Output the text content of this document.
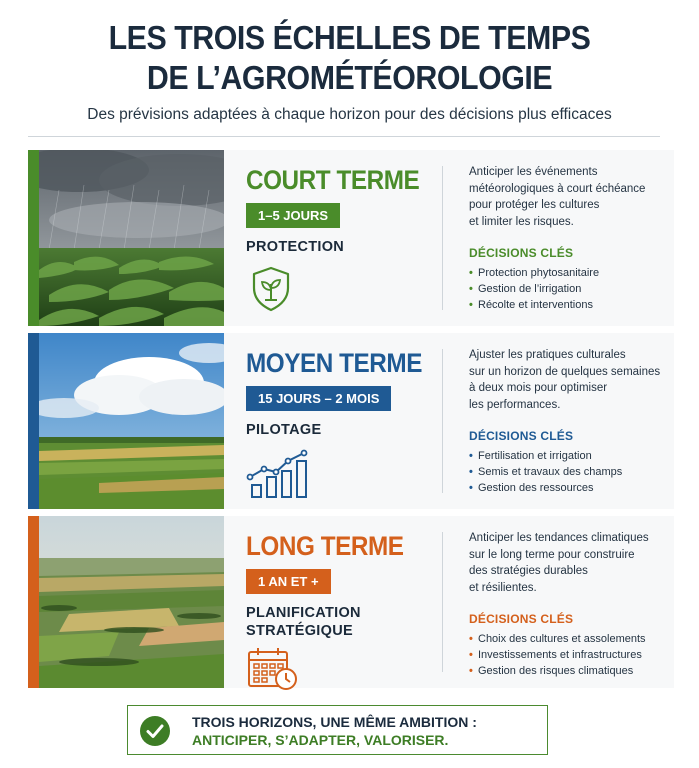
LES TROIS ÉCHELLES DE TEMPS
DE L’AGROMÉTÉOROLOGIE
Des prévisions adaptées à chaque horizon pour des décisions plus efficaces
COURT TERME
1–5 JOURS
PROTECTION
Anticiper les événements
météorologiques à court échéance
pour protéger les cultures
et limiter les risques.
DÉCISIONS CLÉS
• Protection phytosanitaire
• Gestion de l’irrigation
• Récolte et interventions
MOYEN TERME
15 JOURS – 2 MOIS
PILOTAGE
Ajuster les pratiques culturales
sur un horizon de quelques semaines
à deux mois pour optimiser
les performances.
DÉCISIONS CLÉS
• Fertilisation et irrigation
• Semis et travaux des champs
• Gestion des ressources
LONG TERME
1 AN ET +
PLANIFICATION
STRATÉGIQUE
Anticiper les tendances climatiques
sur le long terme pour construire
des stratégies durables
et résilientes.
DÉCISIONS CLÉS
• Choix des cultures et assolements
• Investissements et infrastructures
• Gestion des risques climatiques
TROIS HORIZONS, UNE MÊME AMBITION :
ANTICIPER, S’ADAPTER, VALORISER.
